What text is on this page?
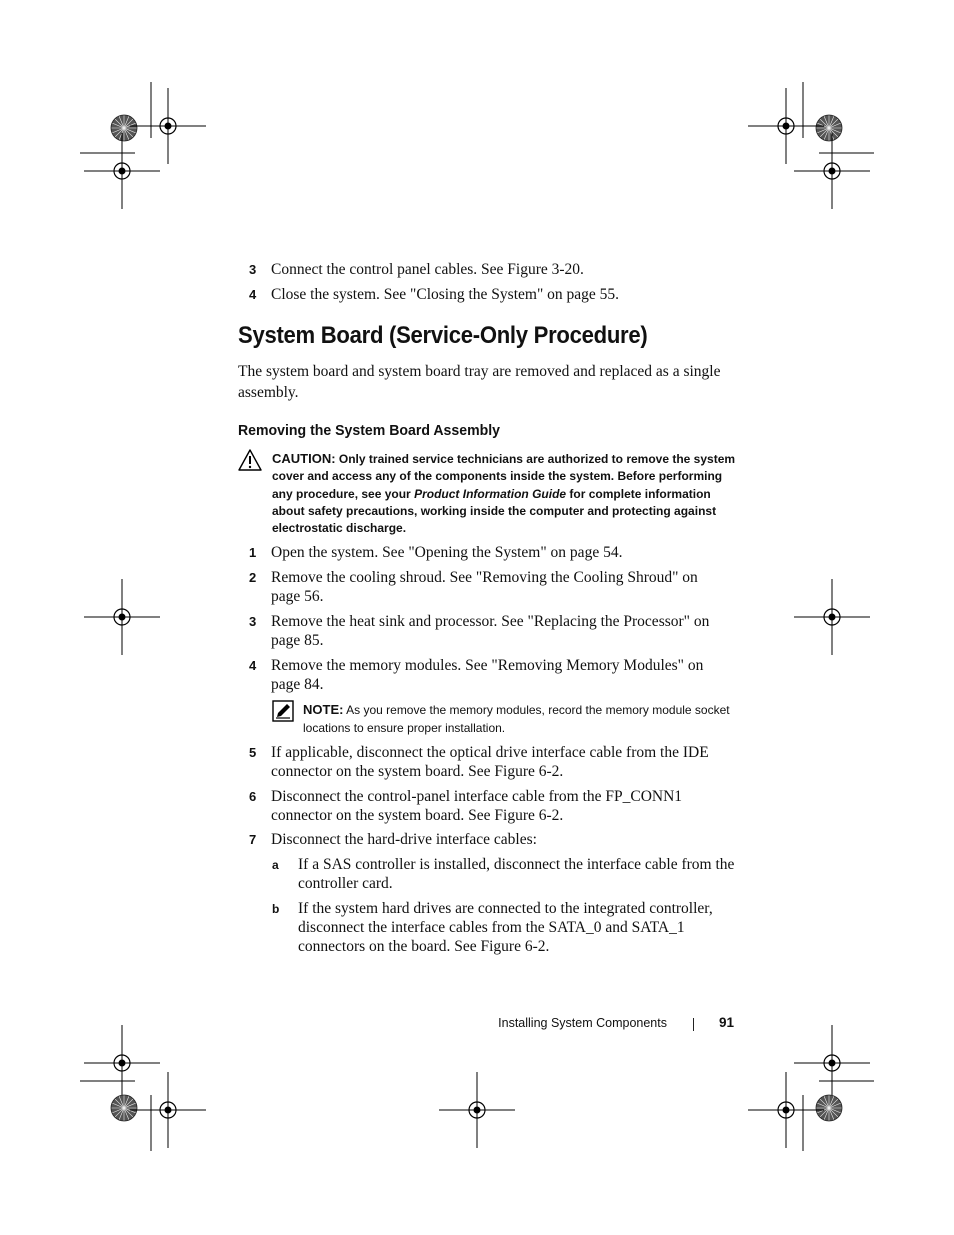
3 Connect the control panel cables. See Figure 3-20.
4 Close the system. See "Closing the System" on page 55.
System Board (Service-Only Procedure)
The system board and system board tray are removed and replaced as a single assembly.
Removing the System Board Assembly
CAUTION: Only trained service technicians are authorized to remove the system cover and access any of the components inside the system. Before performing any procedure, see your Product Information Guide for complete information about safety precautions, working inside the computer and protecting against electrostatic discharge.
1 Open the system. See "Opening the System" on page 54.
2 Remove the cooling shroud. See "Removing the Cooling Shroud" on page 56.
3 Remove the heat sink and processor. See "Replacing the Processor" on page 85.
4 Remove the memory modules. See "Removing Memory Modules" on page 84.
NOTE: As you remove the memory modules, record the memory module socket locations to ensure proper installation.
5 If applicable, disconnect the optical drive interface cable from the IDE connector on the system board. See Figure 6-2.
6 Disconnect the control-panel interface cable from the FP_CONN1 connector on the system board. See Figure 6-2.
7 Disconnect the hard-drive interface cables:
a If a SAS controller is installed, disconnect the interface cable from the controller card.
b If the system hard drives are connected to the integrated controller, disconnect the interface cables from the SATA_0 and SATA_1 connectors on the board. See Figure 6-2.
Installing System Components	91
